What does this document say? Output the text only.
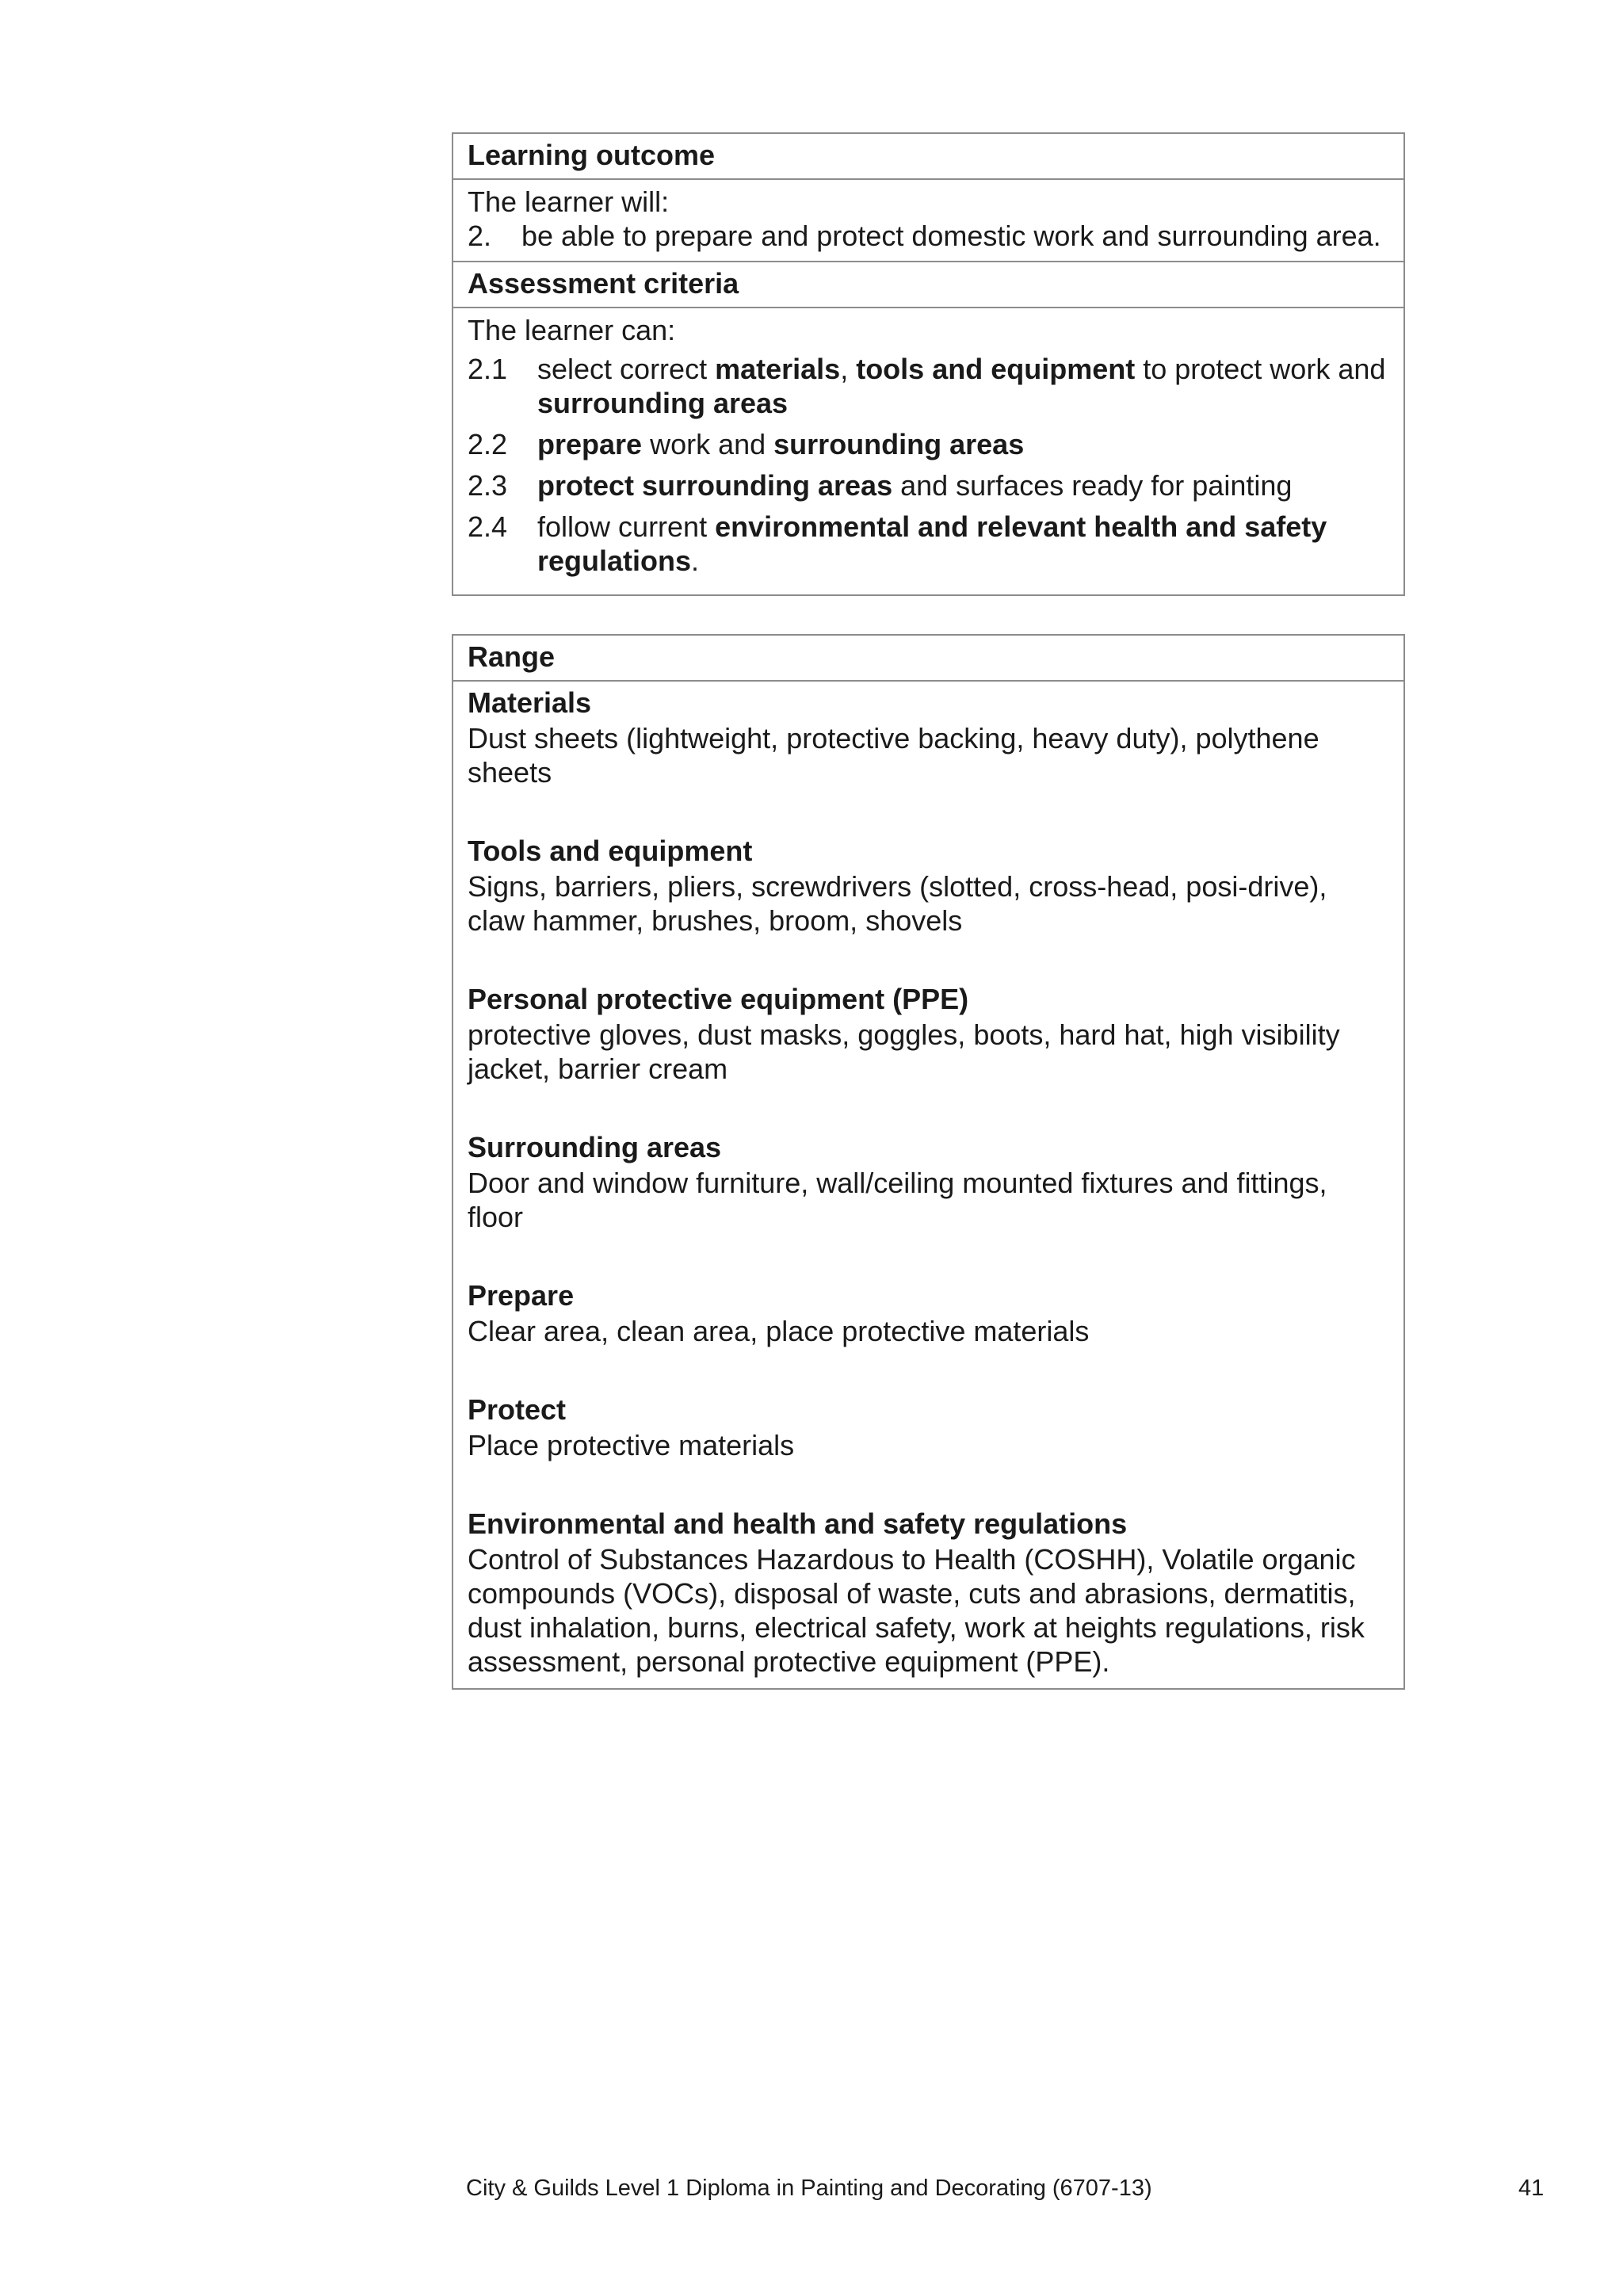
Learning outcome
The learner will:
2.	be able to prepare and protect domestic work and surrounding area.
Assessment criteria
The learner can:
2.1	select correct materials, tools and equipment to protect work and surrounding areas
2.2	prepare work and surrounding areas
2.3	protect surrounding areas and surfaces ready for painting
2.4	follow current environmental and relevant health and safety regulations.
Range
Materials
Dust sheets (lightweight, protective backing, heavy duty), polythene sheets
Tools and equipment
Signs, barriers, pliers, screwdrivers (slotted, cross-head, posi-drive), claw hammer, brushes, broom, shovels
Personal protective equipment (PPE)
protective gloves, dust masks, goggles, boots, hard hat, high visibility jacket, barrier cream
Surrounding areas
Door and window furniture, wall/ceiling mounted fixtures and fittings, floor
Prepare
Clear area, clean area, place protective materials
Protect
Place protective materials
Environmental and health and safety regulations
Control of Substances Hazardous to Health (COSHH), Volatile organic compounds (VOCs), disposal of waste, cuts and abrasions, dermatitis, dust inhalation, burns, electrical safety, work at heights regulations, risk assessment, personal protective equipment (PPE).
City & Guilds Level 1 Diploma in Painting and Decorating (6707-13)	41
